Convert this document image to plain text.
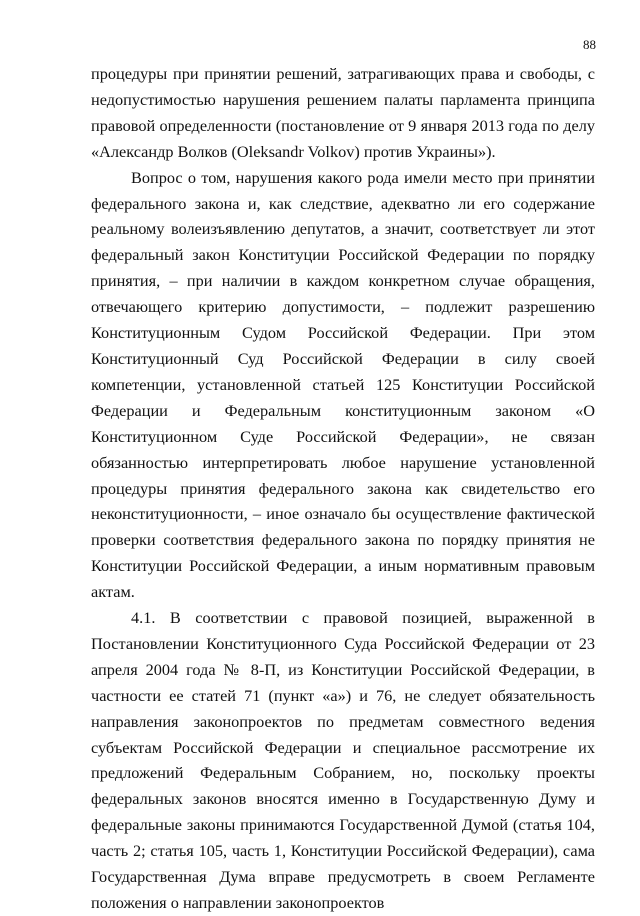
88

процедуры при принятии решений, затрагивающих права и свободы, с недопустимостью нарушения решением палаты парламента принципа правовой определенности (постановление от 9 января 2013 года по делу «Александр Волков (Oleksandr Volkov) против Украины»).

Вопрос о том, нарушения какого рода имели место при принятии федерального закона и, как следствие, адекватно ли его содержание реальному волеизъявлению депутатов, а значит, соответствует ли этот федеральный закон Конституции Российской Федерации по порядку принятия, – при наличии в каждом конкретном случае обращения, отвечающего критерию допустимости, – подлежит разрешению Конституционным Судом Российской Федерации. При этом Конституционный Суд Российской Федерации в силу своей компетенции, установленной статьей 125 Конституции Российской Федерации и Федеральным конституционным законом «О Конституционном Суде Российской Федерации», не связан обязанностью интерпретировать любое нарушение установленной процедуры принятия федерального закона как свидетельство его неконституционности, – иное означало бы осуществление фактической проверки соответствия федерального закона по порядку принятия не Конституции Российской Федерации, а иным нормативным правовым актам.

4.1. В соответствии с правовой позицией, выраженной в Постановлении Конституционного Суда Российской Федерации от 23 апреля 2004 года № 8-П, из Конституции Российской Федерации, в частности ее статей 71 (пункт «а») и 76, не следует обязательность направления законопроектов по предметам совместного ведения субъектам Российской Федерации и специальное рассмотрение их предложений Федеральным Собранием, но, поскольку проекты федеральных законов вносятся именно в Государственную Думу и федеральные законы принимаются Государственной Думой (статья 104, часть 2; статья 105, часть 1, Конституции Российской Федерации), сама Государственная Дума вправе предусмотреть в своем Регламенте положения о направлении законопроектов
